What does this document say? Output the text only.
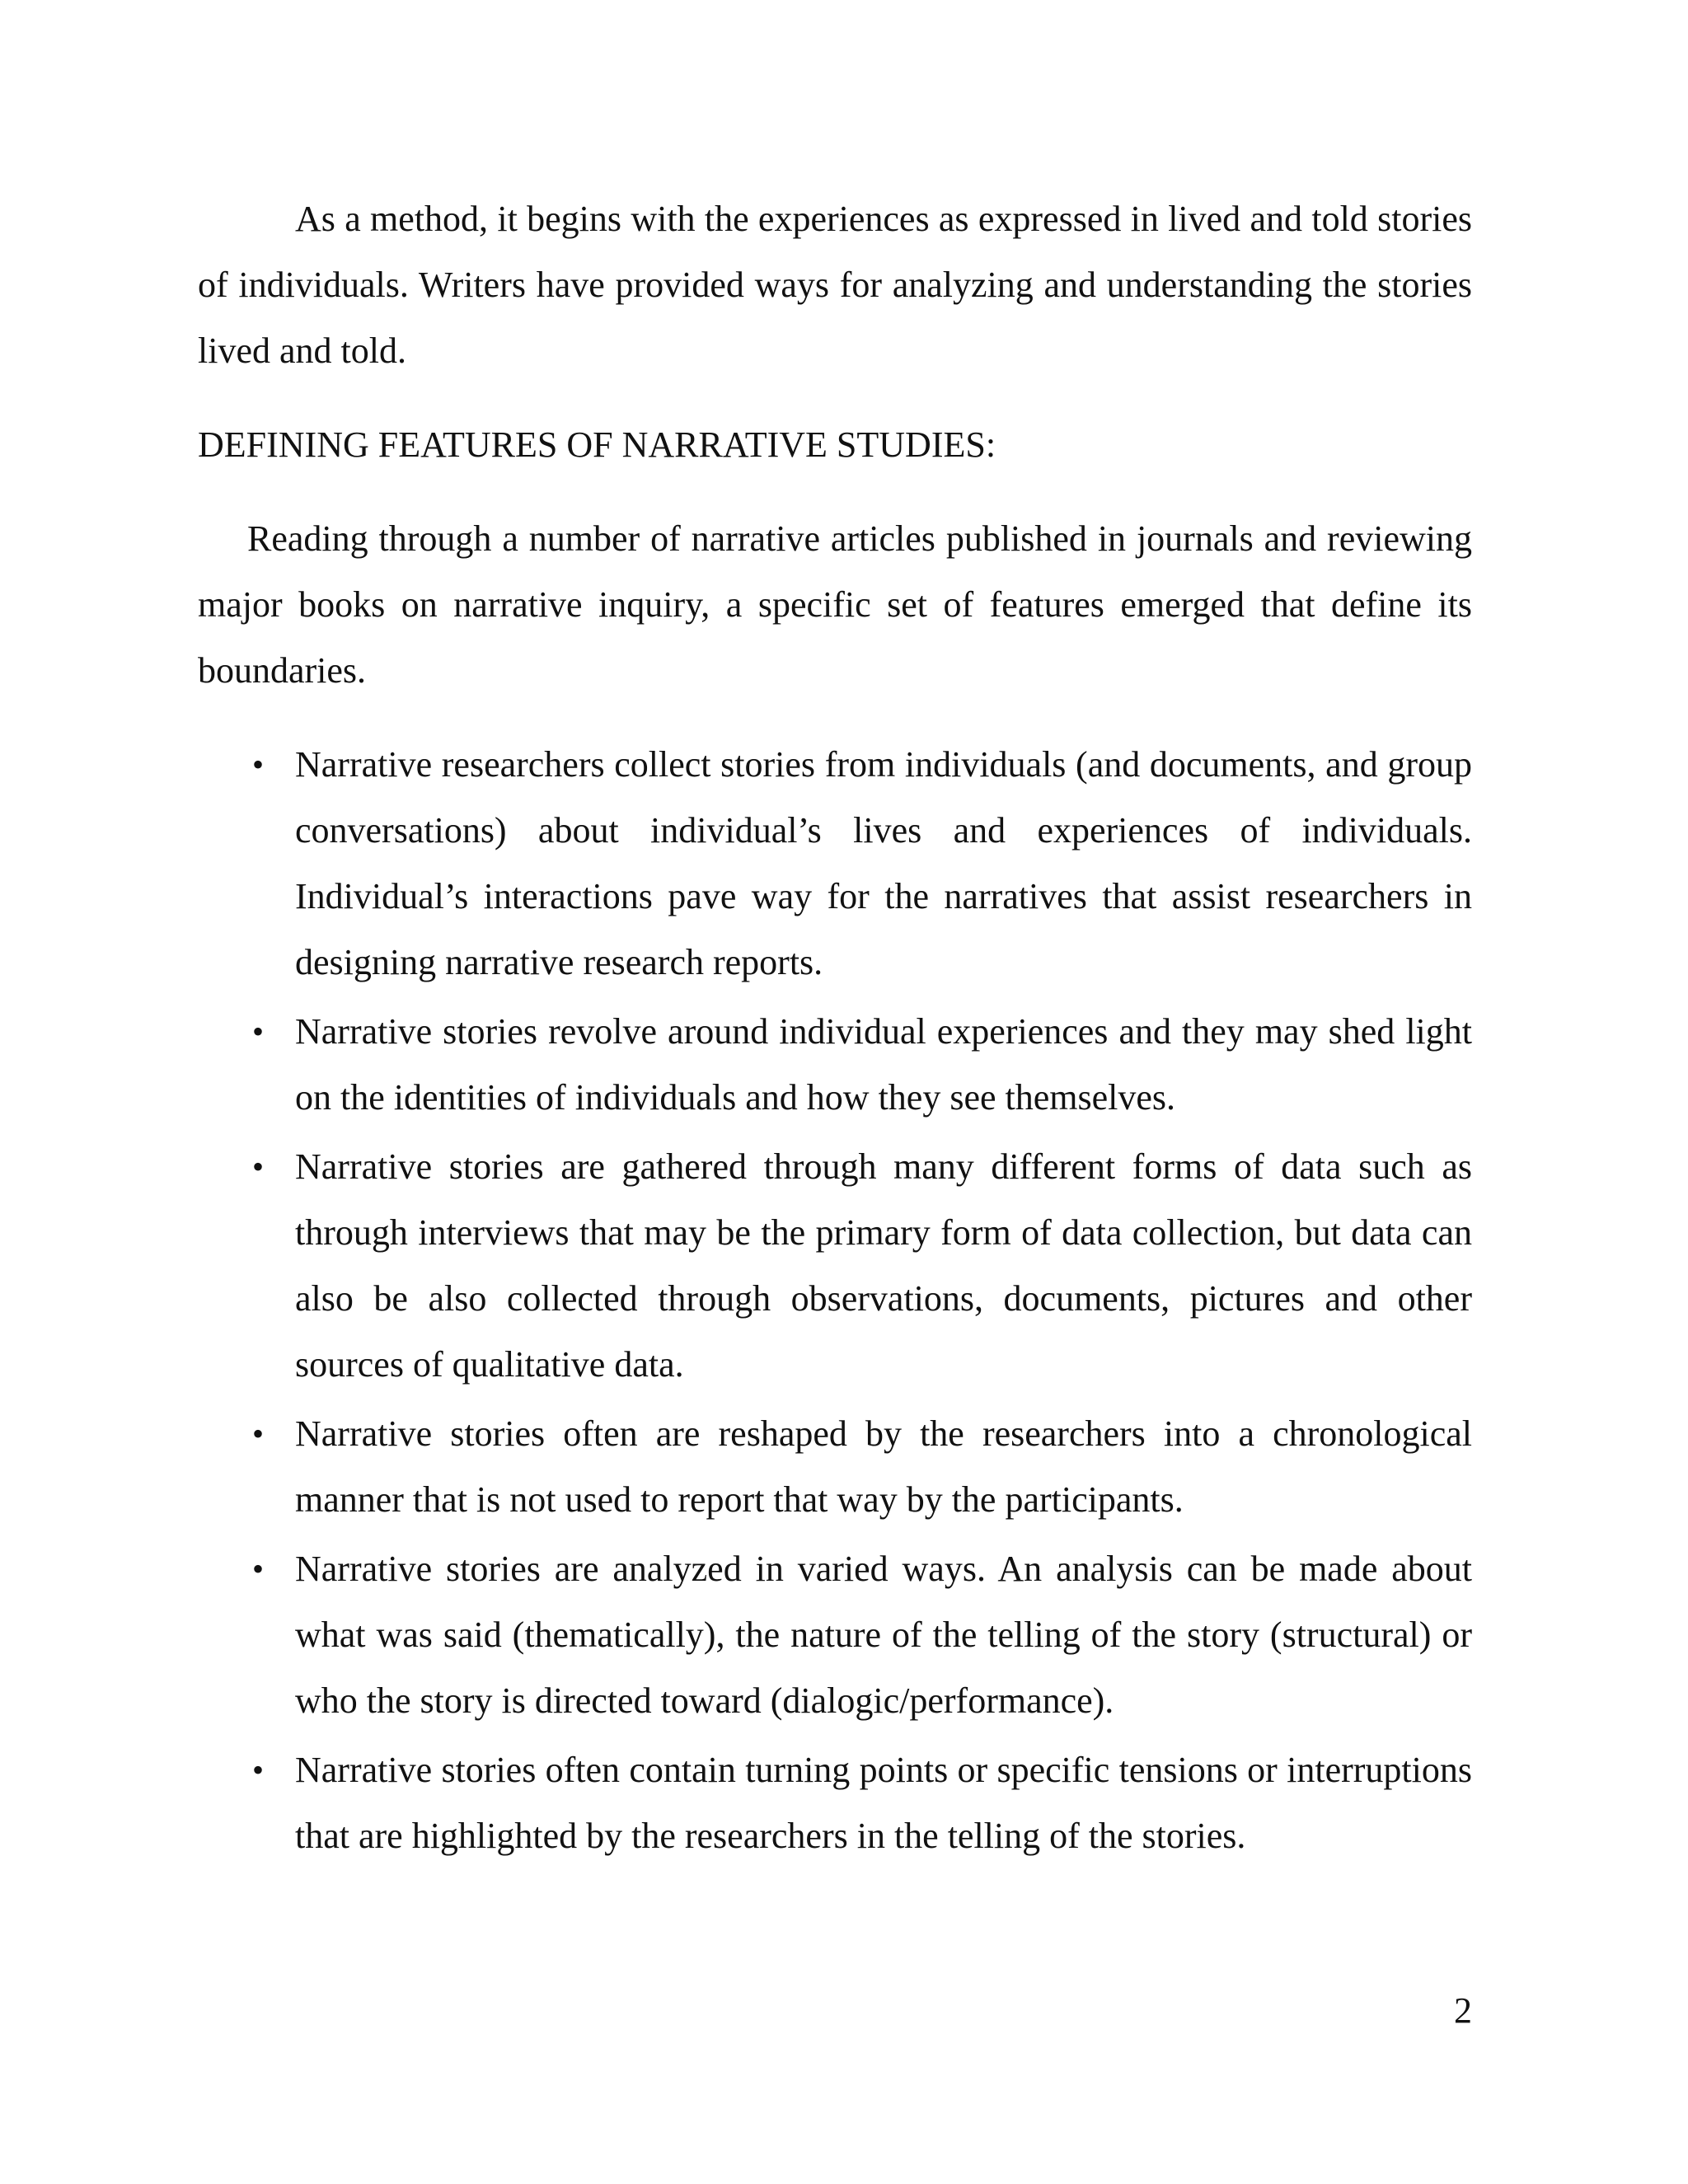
As a method, it begins with the experiences as expressed in lived and told stories of individuals. Writers have provided ways for analyzing and understanding the stories lived and told.

DEFINING FEATURES OF NARRATIVE STUDIES:

Reading through a number of narrative articles published in journals and reviewing major books on narrative inquiry, a specific set of features emerged that define its boundaries.

• Narrative researchers collect stories from individuals (and documents, and group conversations) about individual’s lives and experiences of individuals. Individual’s interactions pave way for the narratives that assist researchers in designing narrative research reports.
• Narrative stories revolve around individual experiences and they may shed light on the identities of individuals and how they see themselves.
• Narrative stories are gathered through many different forms of data such as through interviews that may be the primary form of data collection, but data can also be also collected through observations, documents, pictures and other sources of qualitative data.
• Narrative stories often are reshaped by the researchers into a chronological manner that is not used to report that way by the participants.
• Narrative stories are analyzed in varied ways. An analysis can be made about what was said (thematically), the nature of the telling of the story (structural) or who the story is directed toward (dialogic/performance).
• Narrative stories often contain turning points or specific tensions or interruptions that are highlighted by the researchers in the telling of the stories.
2
